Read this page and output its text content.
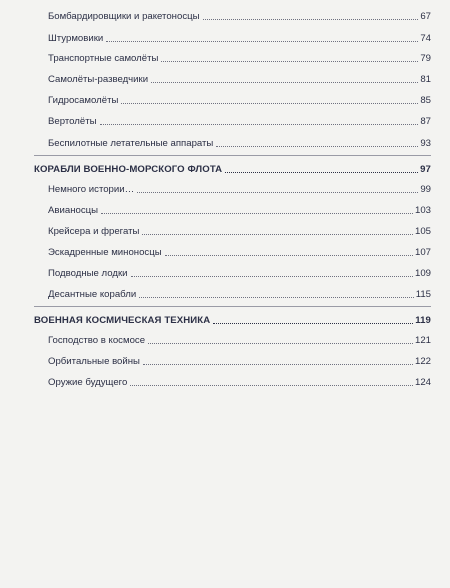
Бомбардировщики и ракетоносцы	67
Штурмовики	74
Транспортные самолёты	79
Самолёты-разведчики	81
Гидросамолёты	85
Вертолёты	87
Беспилотные летательные аппараты	93
КОРАБЛИ ВОЕННО-МОРСКОГО ФЛОТА	97
Немного истории…	99
Авианосцы	103
Крейсера и фрегаты	105
Эскадренные миноносцы	107
Подводные лодки	109
Десантные корабли	115
ВОЕННАЯ КОСМИЧЕСКАЯ ТЕХНИКА	119
Господство в космосе	121
Орбитальные войны	122
Оружие будущего	124
